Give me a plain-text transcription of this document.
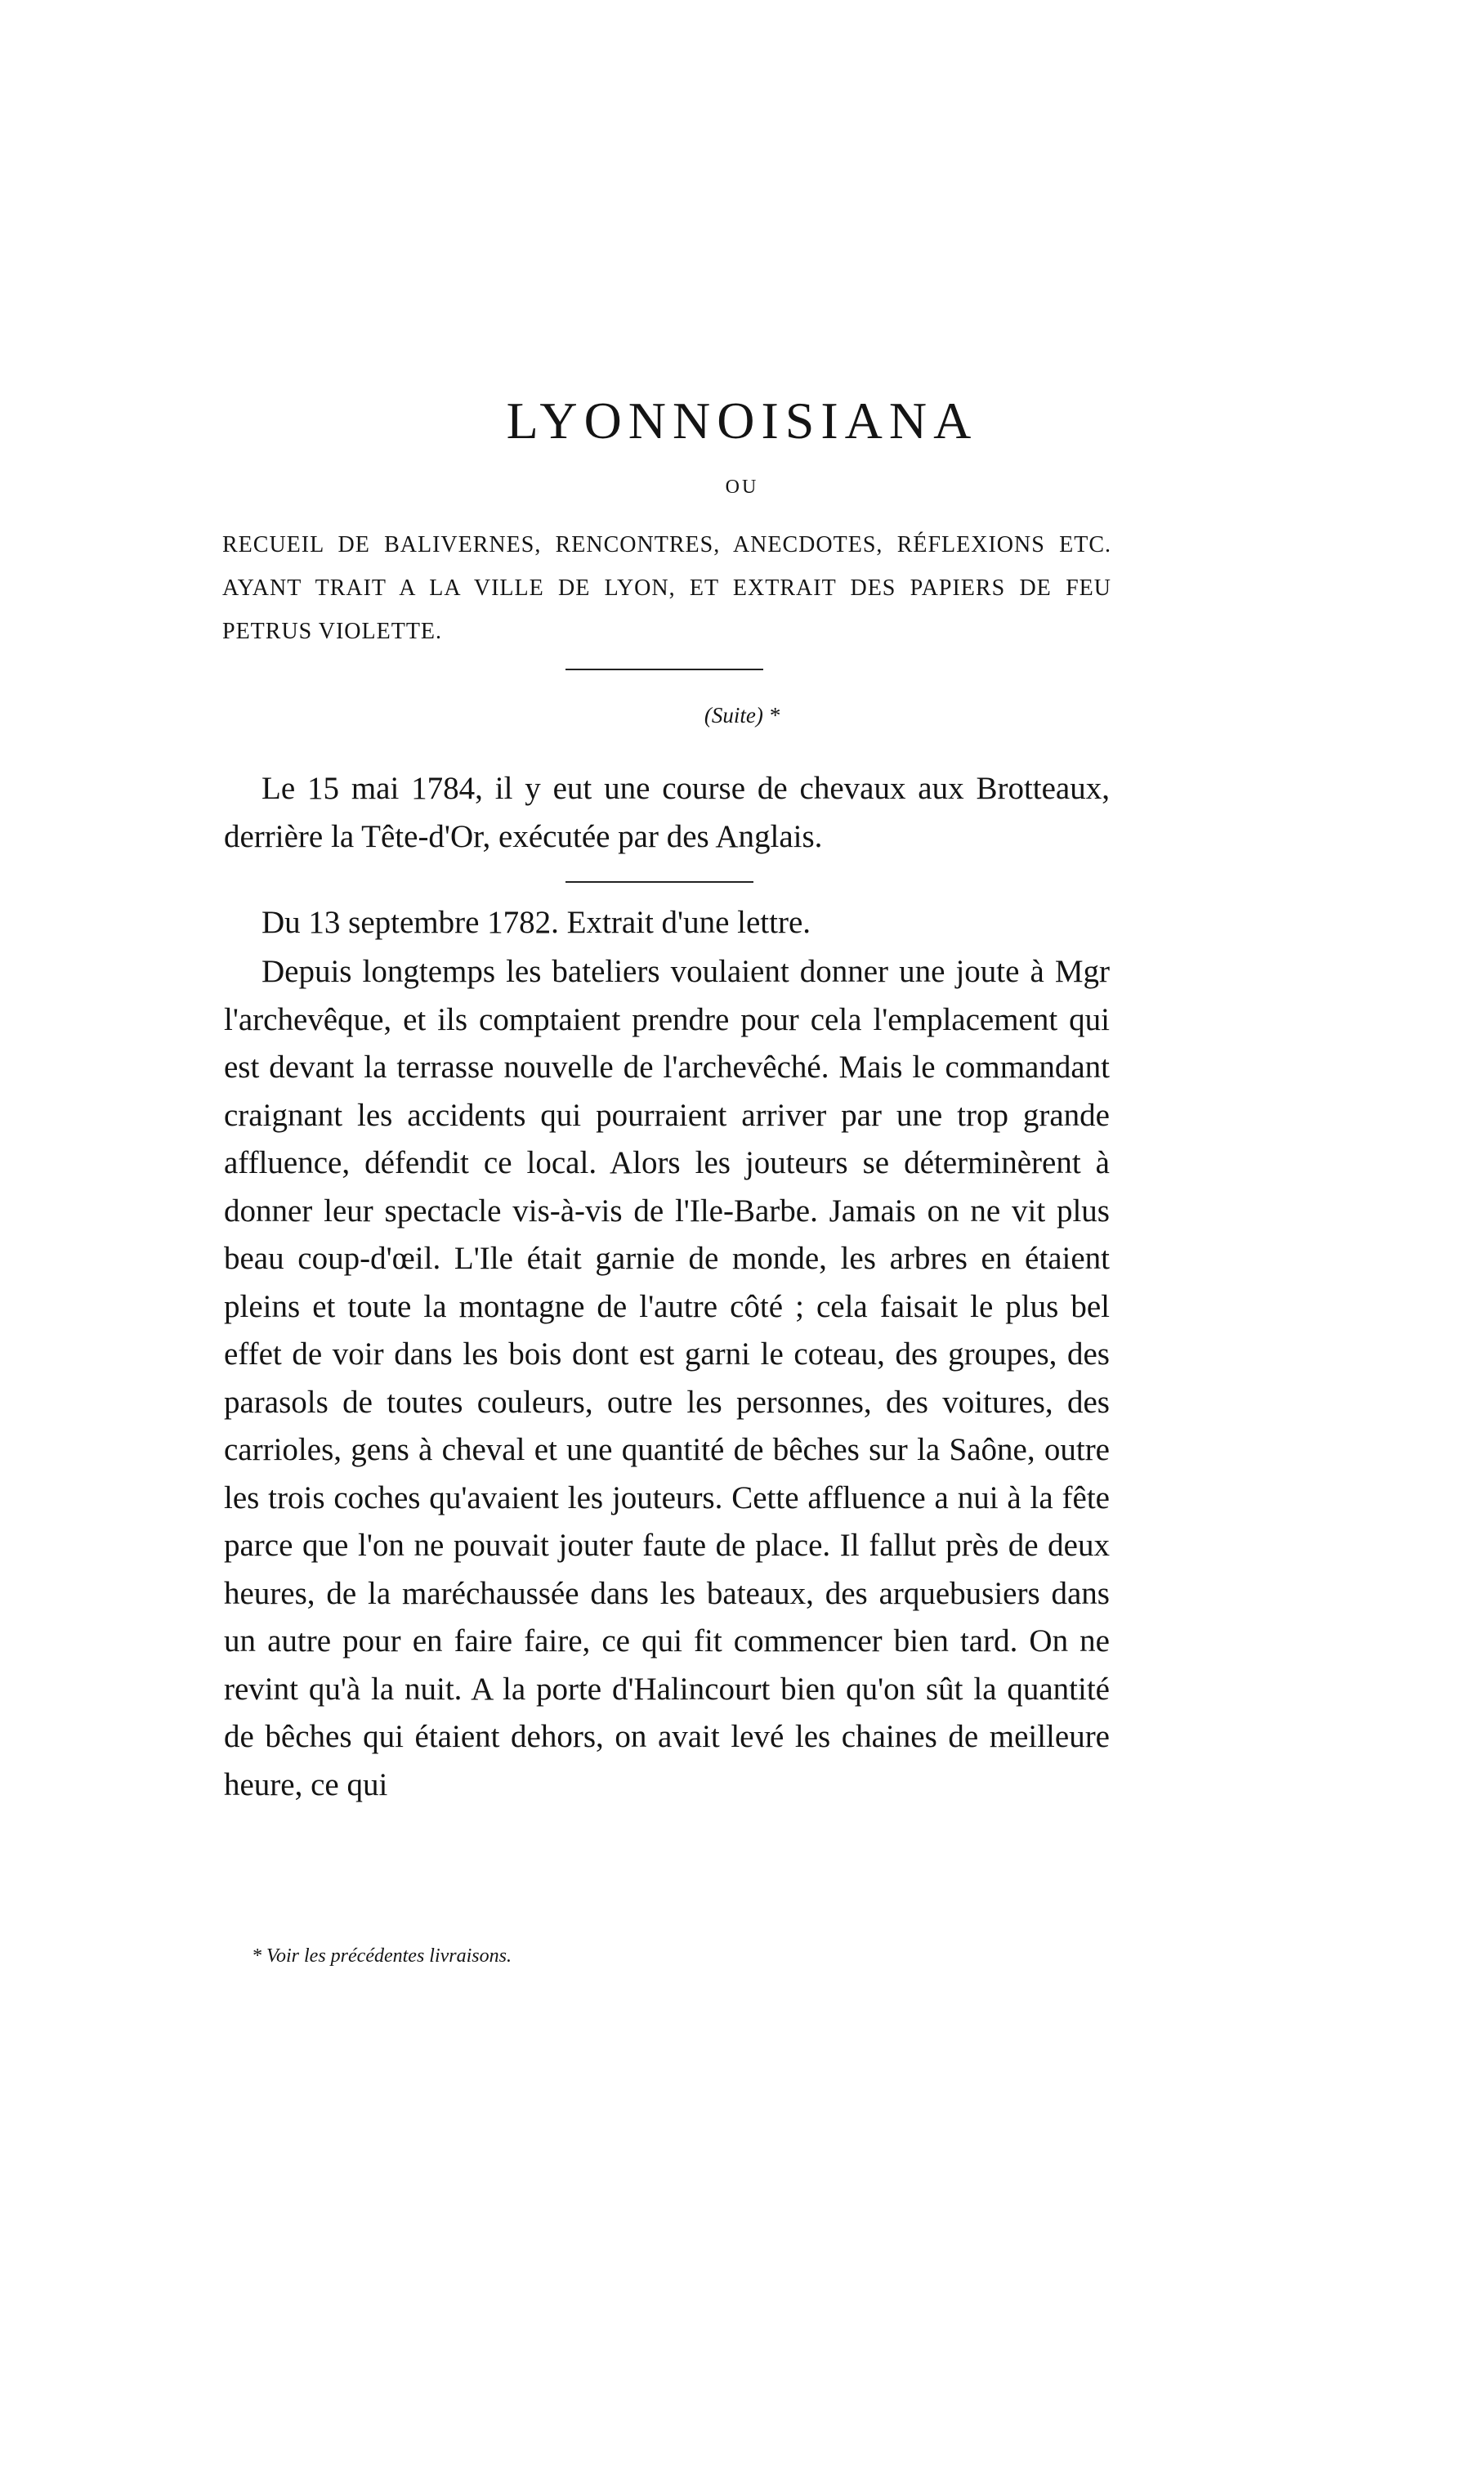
LYONNOISIANA
OU
RECUEIL DE BALIVERNES, RENCONTRES, ANECDOTES, RÉFLEXIONS ETC. AYANT TRAIT A LA VILLE DE LYON, ET EXTRAIT DES PAPIERS DE FEU PETRUS VIOLETTE.
(Suite) *

Le 15 mai 1784, il y eut une course de chevaux aux Brotteaux, derrière la Tête-d'Or, exécutée par des Anglais.

Du 13 septembre 1782. Extrait d'une lettre.

Depuis longtemps les bateliers voulaient donner une joute à Mgr l'archevêque, et ils comptaient prendre pour cela l'emplacement qui est devant la terrasse nouvelle de l'archevêché. Mais le commandant craignant les accidents qui pourraient arriver par une trop grande affluence, défendit ce local. Alors les jouteurs se déterminèrent à donner leur spectacle vis-à-vis de l'Ile-Barbe. Jamais on ne vit plus beau coup-d'œil. L'Ile était garnie de monde, les arbres en étaient pleins et toute la montagne de l'autre côté ; cela faisait le plus bel effet de voir dans les bois dont est garni le coteau, des groupes, des parasols de toutes couleurs, outre les personnes, des voitures, des carrioles, gens à cheval et une quantité de bêches sur la Saône, outre les trois coches qu'avaient les jouteurs. Cette affluence a nui à la fête parce que l'on ne pouvait jouter faute de place. Il fallut près de deux heures, de la maréchaussée dans les bateaux, des arquebusiers dans un autre pour en faire faire, ce qui fit commencer bien tard. On ne revint qu'à la nuit. A la porte d'Halincourt bien qu'on sût la quantité de bêches qui étaient dehors, on avait levé les chaines de meilleure heure, ce qui

* Voir les précédentes livraisons.
